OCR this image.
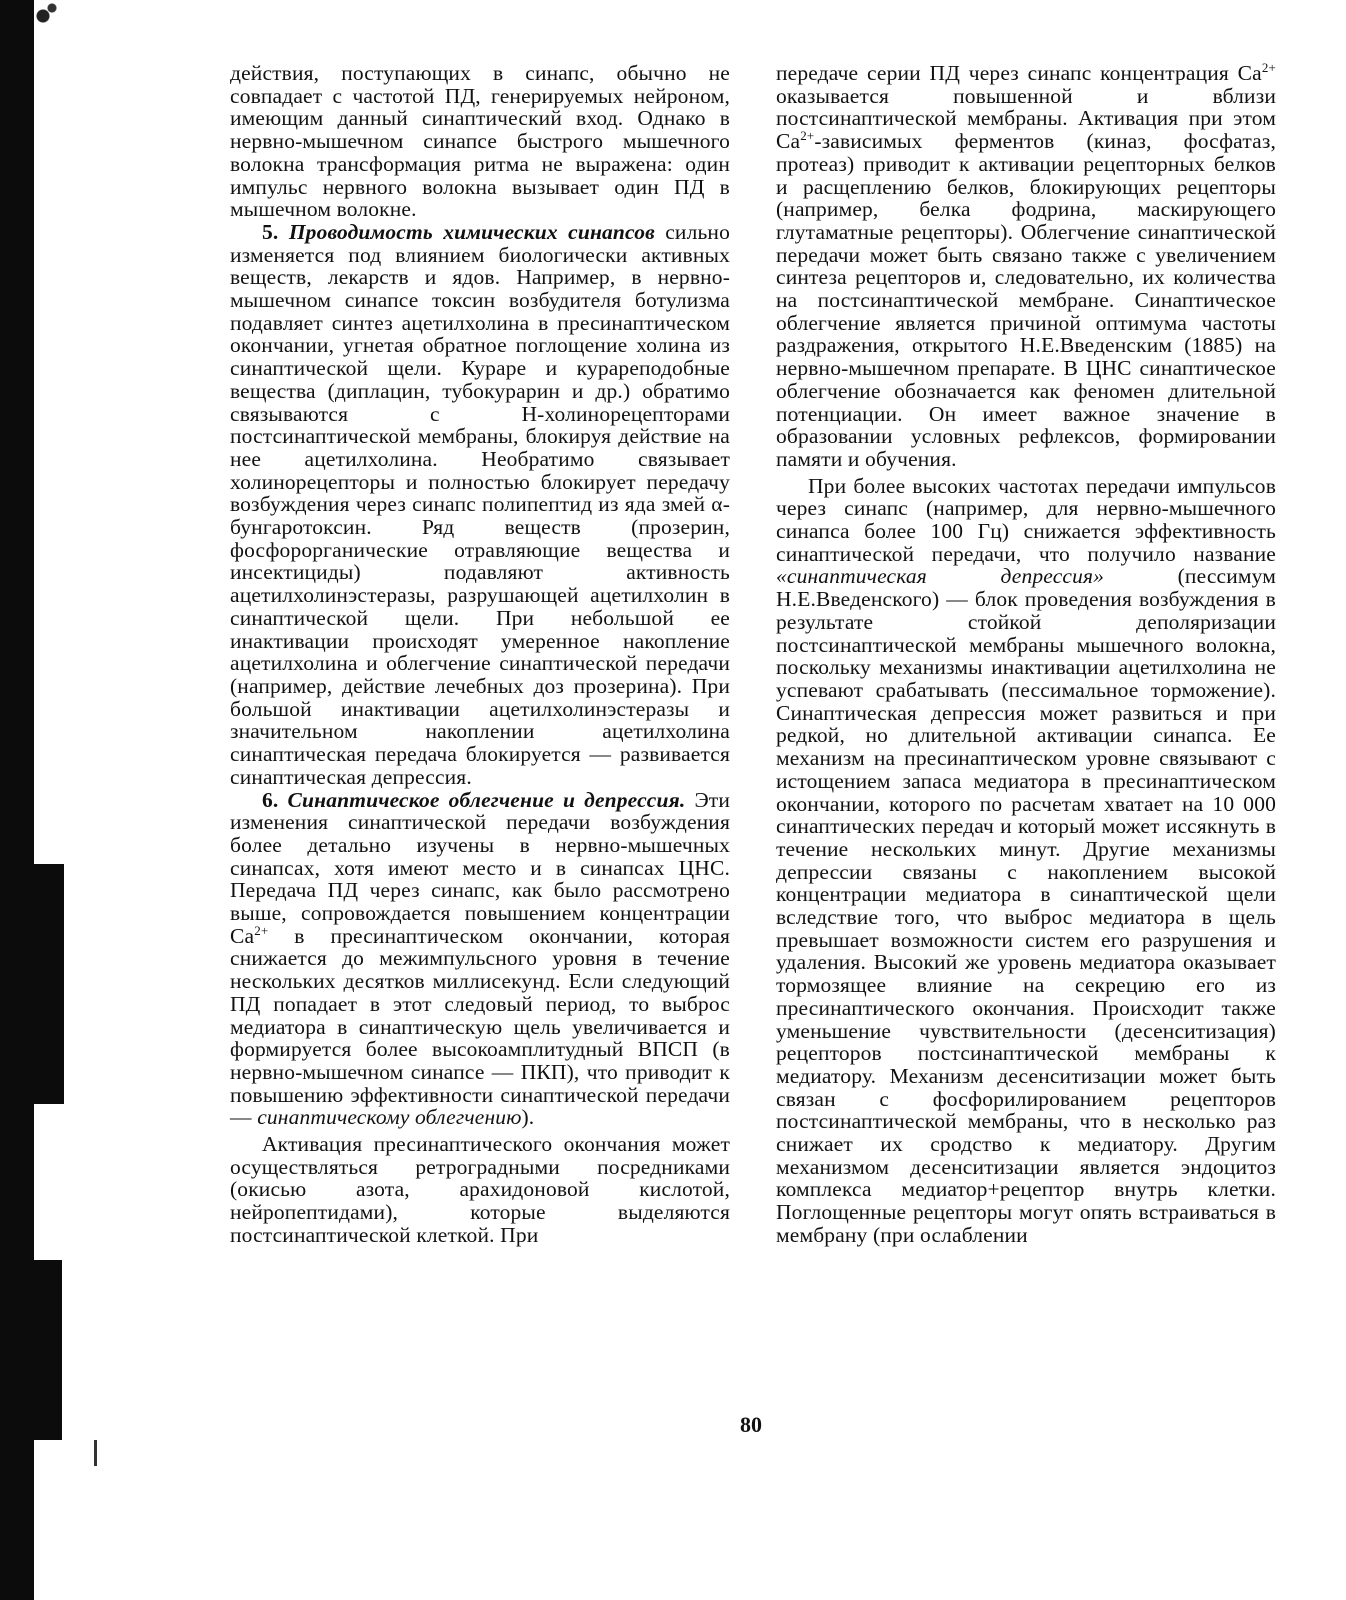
действия, поступающих в синапс, обычно не совпадает с частотой ПД, генерируемых нейроном, имеющим данный синаптический вход. Однако в нервно-мышечном синапсе быстрого мышечного волокна трансформация ритма не выражена: один импульс нервного волокна вызывает один ПД в мышечном волокне.

5. Проводимость химических синапсов сильно изменяется под влиянием биологически активных веществ, лекарств и ядов. Например, в нервно-мышечном синапсе токсин возбудителя ботулизма подавляет синтез ацетилхолина в пресинаптическом окончании, угнетая обратное поглощение холина из синаптической щели. Кураре и курареподобные вещества (диплацин, тубокурарин и др.) обратимо связываются с Н-холинорецепторами постсинаптической мембраны, блокируя действие на нее ацетилхолина. Необратимо связывает холинорецепторы и полностью блокирует передачу возбуждения через синапс полипептид из яда змей α-бунгаротоксин. Ряд веществ (прозерин, фосфорорганические отравляющие вещества и инсектициды) подавляют активность ацетилхолинэстеразы, разрушающей ацетилхолин в синаптической щели. При небольшой ее инактивации происходят умеренное накопление ацетилхолина и облегчение синаптической передачи (например, действие лечебных доз прозерина). При большой инактивации ацетилхолинэстеразы и значительном накоплении ацетилхолина синаптическая передача блокируется — развивается синаптическая депрессия.

6. Синаптическое облегчение и депрессия. Эти изменения синаптической передачи возбуждения более детально изучены в нервно-мышечных синапсах, хотя имеют место и в синапсах ЦНС. Передача ПД через синапс, как было рассмотрено выше, сопровождается повышением концентрации $Ca^{2+}$ в пресинаптическом окончании, которая снижается до межимпульсного уровня в течение нескольких десятков миллисекунд. Если следующий ПД попадает в этот следовый период, то выброс медиатора в синаптическую щель увеличивается и формируется более высокоамплитудный ВПСП (в нервно-мышечном синапсе — ПКП), что приводит к повышению эффективности синаптической передачи — синаптическому облегчению).

Активация пресинаптического окончания может осуществляться ретроградными посредниками (окисью азота, арахидоновой кислотой, нейропептидами), которые выделяются постсинаптической клеткой. При

передаче серии ПД через синапс концентрация $Ca^{2+}$ оказывается повышенной и вблизи постсинаптической мембраны. Активация при этом $Ca^{2+}$-зависимых ферментов (киназ, фосфатаз, протеаз) приводит к активации рецепторных белков и расщеплению белков, блокирующих рецепторы (например, белка фодрина, маскирующего глутаматные рецепторы). Облегчение синаптической передачи может быть связано также с увеличением синтеза рецепторов и, следовательно, их количества на постсинаптической мембране. Синаптическое облегчение является причиной оптимума частоты раздражения, открытого Н.Е.Введенским (1885) на нервно-мышечном препарате. В ЦНС синаптическое облегчение обозначается как феномен длительной потенциации. Он имеет важное значение в образовании условных рефлексов, формировании памяти и обучения.

При более высоких частотах передачи импульсов через синапс (например, для нервно-мышечного синапса более 100 Гц) снижается эффективность синаптической передачи, что получило название «синаптическая депрессия»	(пессимум Н.Е.Введенского) — блок проведения возбуждения в результате стойкой деполяризации постсинаптической мембраны мышечного волокна, поскольку механизмы инактивации ацетилхолина не успевают срабатывать (пессимальное торможение). Синаптическая депрессия может развиться и при редкой, но длительной активации синапса. Ее механизм на пресинаптическом уровне связывают с истощением запаса медиатора в пресинаптическом окончании, которого по расчетам хватает на 10 000 синаптических передач и который может иссякнуть в течение нескольких минут. Другие механизмы депрессии связаны с накоплением высокой концентрации медиатора в синаптической щели вследствие того, что выброс медиатора в щель превышает возможности систем его разрушения и удаления. Высокий же уровень медиатора оказывает тормозящее влияние на секрецию его из пресинаптического окончания. Происходит также уменьшение чувствительности (десенситизация) рецепторов постсинаптической мембраны к медиатору. Механизм десенситизации может быть связан с фосфорилированием рецепторов постсинаптической мембраны, что в несколько раз снижает их сродство к медиатору. Другим механизмом десенситизации является эндоцитоз комплекса медиатор+рецептор внутрь клетки. Поглощенные рецепторы могут опять встраиваться в мембрану (при ослаблении

80
